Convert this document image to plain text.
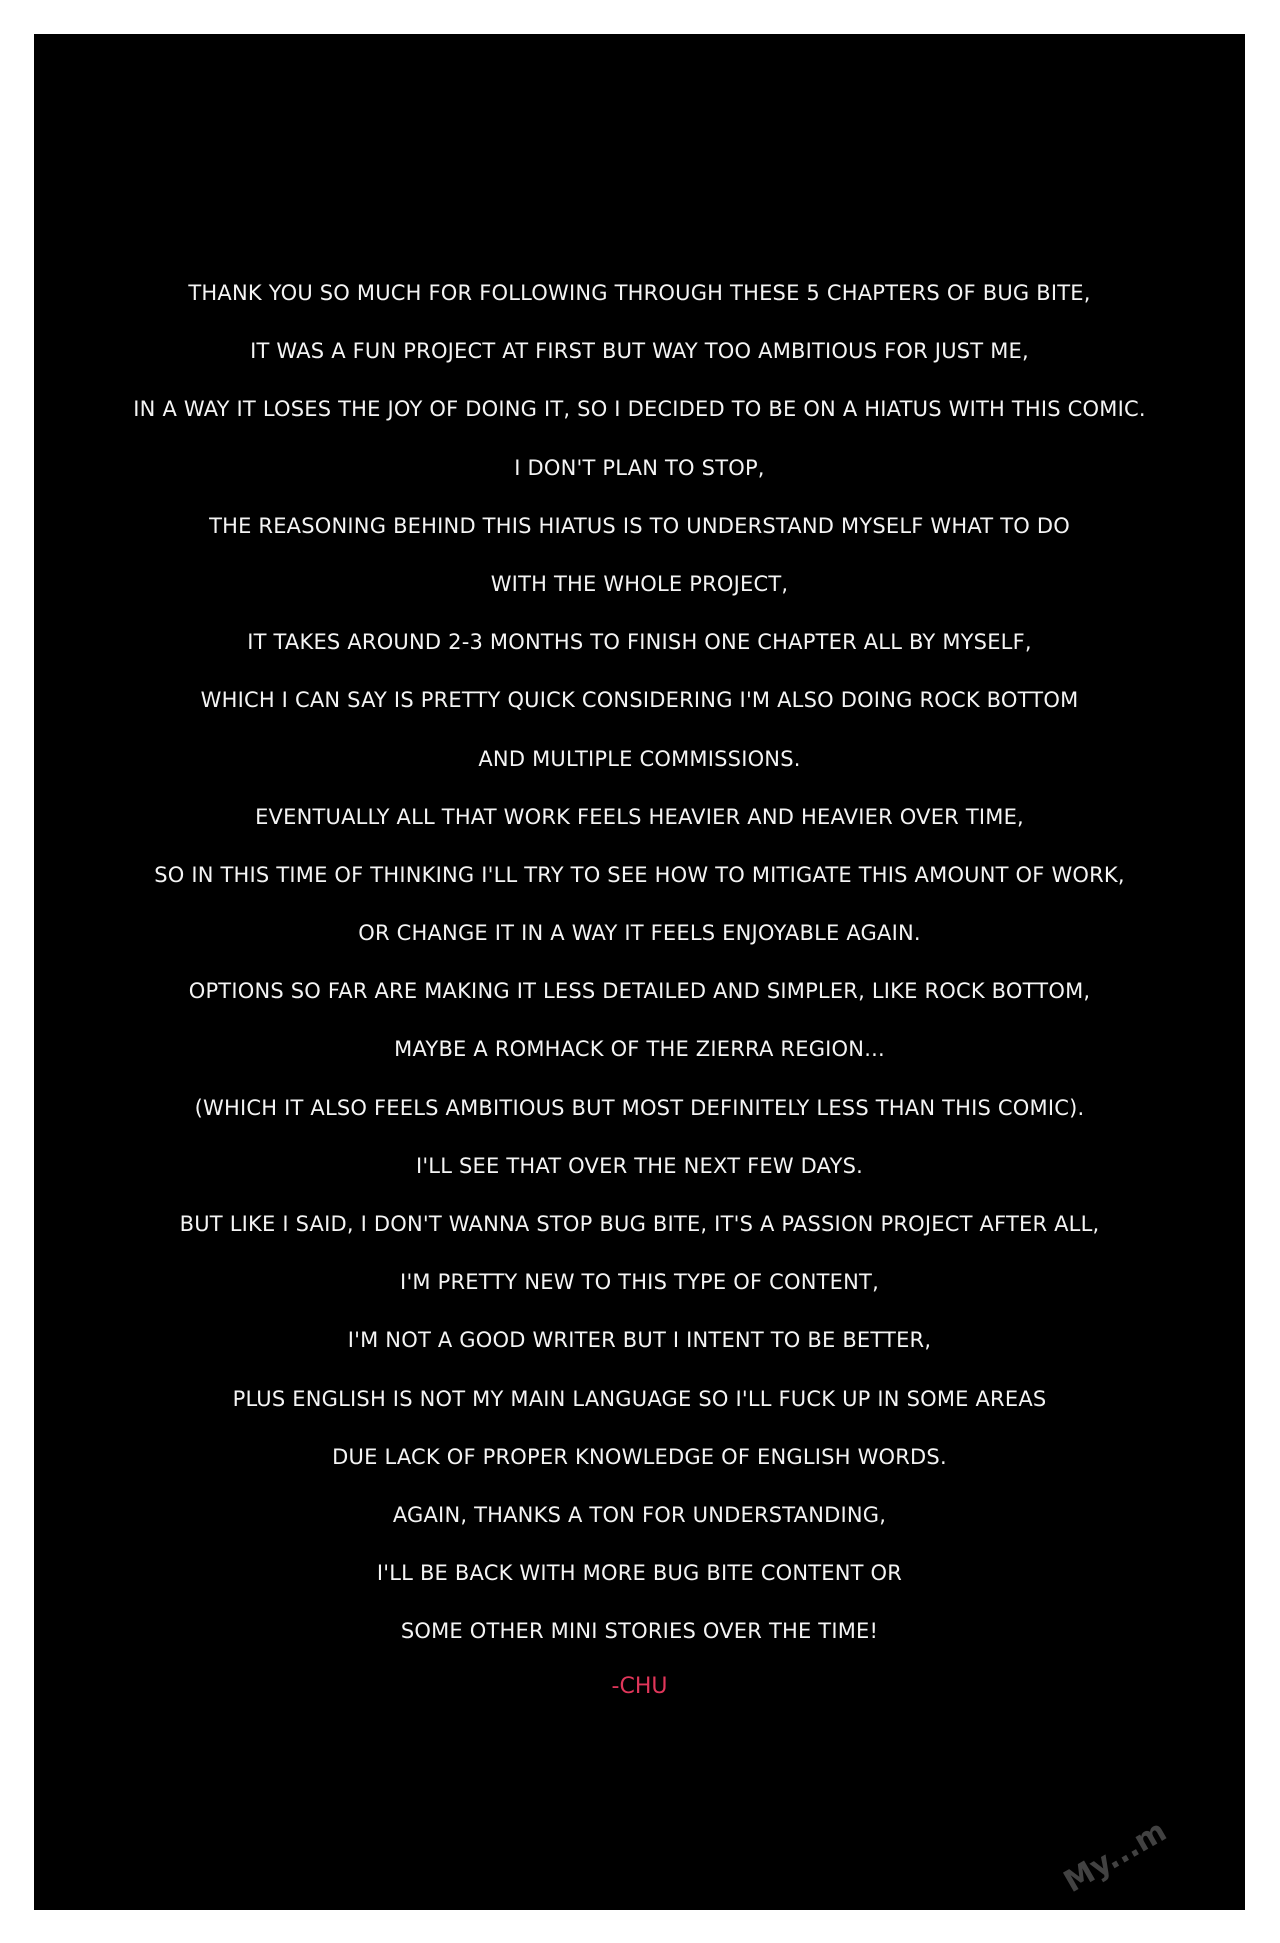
THANK YOU SO MUCH FOR FOLLOWING THROUGH THESE 5 CHAPTERS OF BUG BITE,
IT WAS A FUN PROJECT AT FIRST BUT WAY TOO AMBITIOUS FOR JUST ME,
IN A WAY IT LOSES THE JOY OF DOING IT, SO I DECIDED TO BE ON A HIATUS WITH THIS COMIC.
I DON'T PLAN TO STOP,
THE REASONING BEHIND THIS HIATUS IS TO UNDERSTAND MYSELF WHAT TO DO
WITH THE WHOLE PROJECT,
IT TAKES AROUND 2-3 MONTHS TO FINISH ONE CHAPTER ALL BY MYSELF,
WHICH I CAN SAY IS PRETTY QUICK CONSIDERING I'M ALSO DOING ROCK BOTTOM
AND MULTIPLE COMMISSIONS.
EVENTUALLY ALL THAT WORK FEELS HEAVIER AND HEAVIER OVER TIME,
SO IN THIS TIME OF THINKING I'LL TRY TO SEE HOW TO MITIGATE THIS AMOUNT OF WORK,
OR CHANGE IT IN A WAY IT FEELS ENJOYABLE AGAIN.
OPTIONS SO FAR ARE MAKING IT LESS DETAILED AND SIMPLER, LIKE ROCK BOTTOM,
MAYBE A ROMHACK OF THE ZIERRA REGION...
(WHICH IT ALSO FEELS AMBITIOUS BUT MOST DEFINITELY LESS THAN THIS COMIC).
I'LL SEE THAT OVER THE NEXT FEW DAYS.
BUT LIKE I SAID, I DON'T WANNA STOP BUG BITE, IT'S A PASSION PROJECT AFTER ALL,
I'M PRETTY NEW TO THIS TYPE OF CONTENT,
I'M NOT A GOOD WRITER BUT I INTENT TO BE BETTER,
PLUS ENGLISH IS NOT MY MAIN LANGUAGE SO I'LL FUCK UP IN SOME AREAS
DUE LACK OF PROPER KNOWLEDGE OF ENGLISH WORDS.
AGAIN, THANKS A TON FOR UNDERSTANDING,
I'LL BE BACK WITH MORE BUG BITE CONTENT OR
SOME OTHER MINI STORIES OVER THE TIME!
-CHU
My...m
